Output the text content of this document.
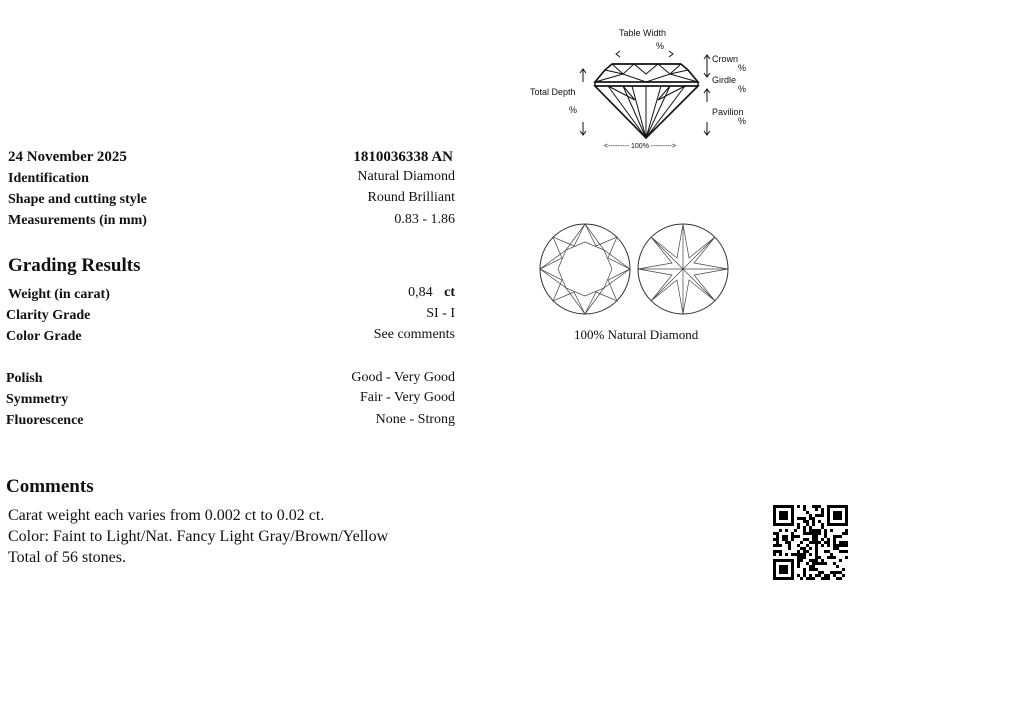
24 November 2025	1810036338 AN
Identification	Natural Diamond
Shape and cutting style	Round Brilliant
Measurements (in mm)	0.83 - 1.86
Grading Results
Weight (in carat)	0,84 ct
Clarity Grade	SI - I
Color Grade	See comments
Polish	Good - Very Good
Symmetry	Fair - Very Good
Fluorescence	None - Strong
Comments
Carat weight each varies from 0.002 ct to 0.02 ct.
Color: Faint to Light/Nat. Fancy Light Gray/Brown/Yellow
Total of 56 stones.
Table Width
%
Total Depth
%
Crown
%
Girdle
%
Pavilion
%
<--------- 100% --------->
100% Natural Diamond
